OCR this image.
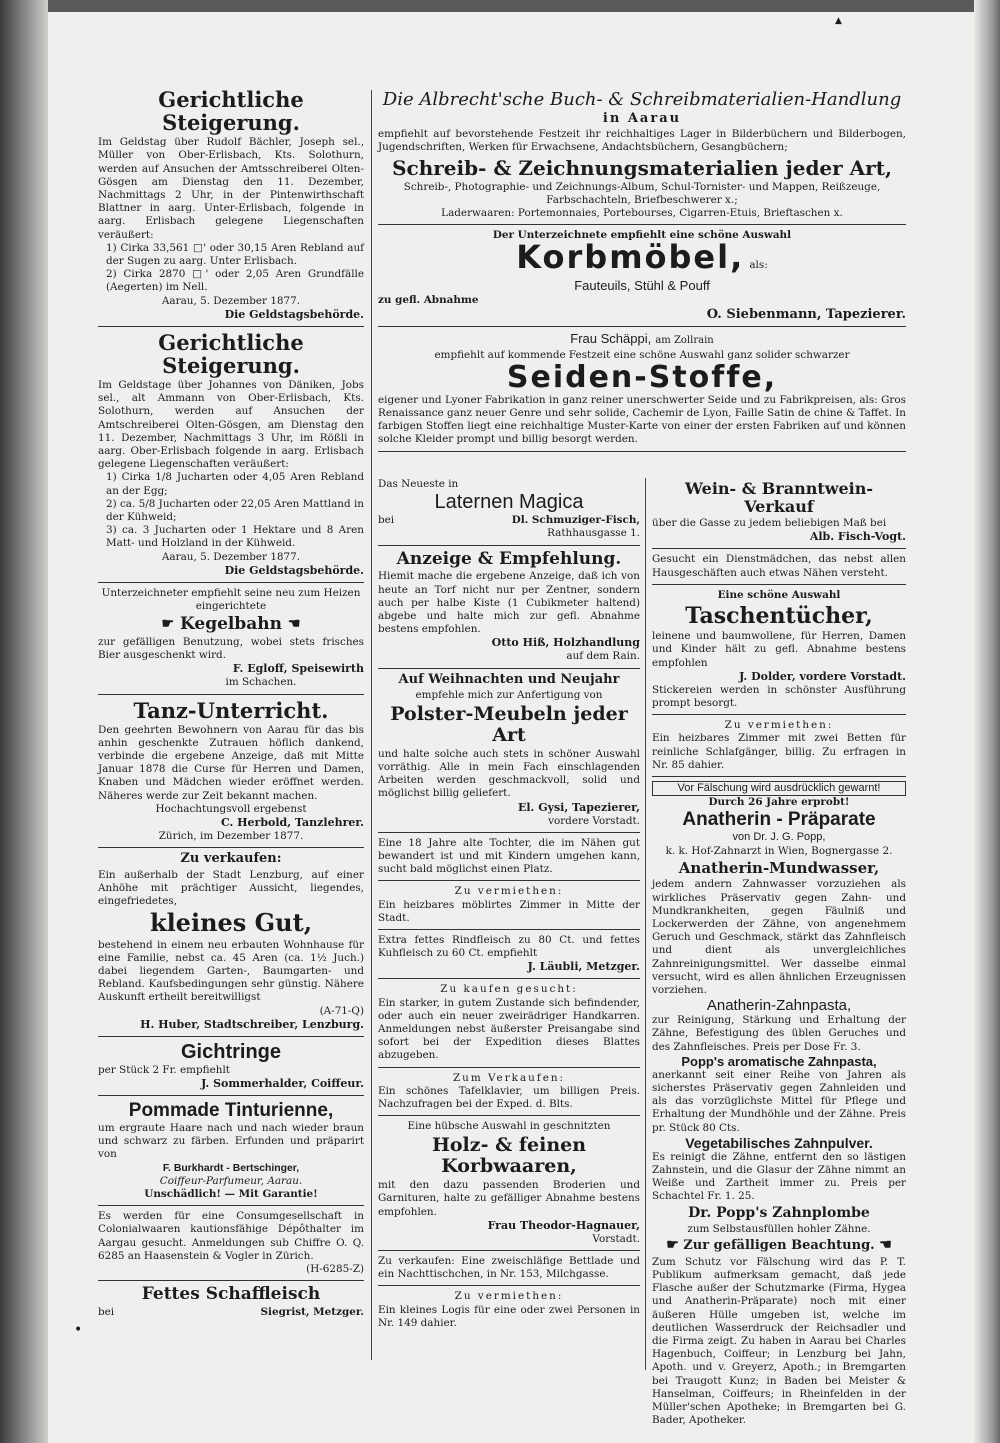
▲
•
Gerichtliche Steigerung.

Im Geldstag über Rudolf Bächler, Joseph sel., Müller von Ober-Erlisbach, Kts. Solothurn, werden auf Ansuchen der Amtsschreiberei Olten-Gösgen am Dienstag den 11. Dezember, Nachmittags 2 Uhr, in der Pintenwirthschaft Blattner in aarg. Unter-Erlisbach, folgende in aarg. Erlisbach gelegene Liegenschaften veräußert:

1) Cirka 33,561 □' oder 30,15 Aren Rebland auf der Sugen zu aarg. Unter Erlisbach.

2) Cirka 2870 □' oder 2,05 Aren Grundfälle (Aegerten) im Nell.

Aarau, 5. Dezember 1877.

Die Geldstagsbehörde.

Gerichtliche Steigerung.

Im Geldstage über Johannes von Däniken, Jobs sel., alt Ammann von Ober-Erlisbach, Kts. Solothurn, werden auf Ansuchen der Amtschreiberei Olten-Gösgen, am Dienstag den 11. Dezember, Nachmittags 3 Uhr, im Rößli in aarg. Ober-Erlisbach folgende in aarg. Erlisbach gelegene Liegenschaften veräußert:

1) Cirka 1/8 Jucharten oder 4,05 Aren Rebland an der Egg;

2) ca. 5/8 Jucharten oder 22,05 Aren Mattland in der Kühweid;

3) ca. 3 Jucharten oder 1 Hektare und 8 Aren Matt- und Holzland in der Kühweid.

Aarau, 5. Dezember 1877.

Die Geldstagsbehörde.

Unterzeichneter empfiehlt seine neu zum Heizen eingerichtete

☛ Kegelbahn ☚

zur gefälligen Benutzung, wobei stets frisches Bier ausgeschenkt wird.

F. Egloff, Speisewirth

im Schachen.

Tanz-Unterricht.

Den geehrten Bewohnern von Aarau für das bis anhin geschenkte Zutrauen höflich dankend, verbinde die ergebene Anzeige, daß mit Mitte Januar 1878 die Curse für Herren und Damen, Knaben und Mädchen wieder eröffnet werden. Näheres werde zur Zeit bekannt machen.

Hochachtungsvoll ergebenst

C. Herbold, Tanzlehrer.

Zürich, im Dezember 1877.

Zu verkaufen:

Ein außerhalb der Stadt Lenzburg, auf einer Anhöhe mit prächtiger Aussicht, liegendes, eingefriedetes,

kleines Gut,

bestehend in einem neu erbauten Wohnhause für eine Familie, nebst ca. 45 Aren (ca. 1½ Juch.) dabei liegendem Garten-, Baumgarten- und Rebland. Kaufsbedingungen sehr günstig. Nähere Auskunft ertheilt bereitwilligst

(A-71-Q)

H. Huber, Stadtschreiber, Lenzburg.

Gichtringe

per Stück 2 Fr. empfiehlt

J. Sommerhalder, Coiffeur.

Pommade Tinturienne,

um ergraute Haare nach und nach wieder braun und schwarz zu färben. Erfunden und präparirt von

F. Burkhardt - Bertschinger,

Coiffeur-Parfumeur, Aarau.

Unschädlich! — Mit Garantie!

Es werden für eine Consumgesellschaft in Colonialwaaren kautionsfähige Dépôthalter im Aargau gesucht. Anmeldungen sub Chiffre O. Q. 6285 an Haasenstein & Vogler in Zürich.

(H-6285-Z)

Fettes Schaffleisch

bei	Siegrist, Metzger.

Die Albrecht'sche Buch- & Schreibmaterialien-Handlung
in Aarau

empfiehlt auf bevorstehende Festzeit ihr reichhaltiges Lager in Bilderbüchern und Bilderbogen, Jugendschriften, Werken für Erwachsene, Andachtsbüchern, Gesangbüchern;

Schreib- & Zeichnungsmaterialien jeder Art,

Schreib-, Photographie- und Zeichnungs-Album, Schul-Tornister- und Mappen, Reißzeuge, Farbschachteln, Briefbeschwerer x.;

Laderwaaren: Portemonnaies, Portebourses, Cigarren-Etuis, Brieftaschen x.

Der Unterzeichnete empfiehlt eine schöne Auswahl

Korbmöbel, als:

Fauteuils, Stühl & Pouff

zu gefl. Abnahme

O. Siebenmann, Tapezierer.

Frau Schäppi, am Zollrain

empfiehlt auf kommende Festzeit eine schöne Auswahl ganz solider schwarzer

Seiden-Stoffe,

eigener und Lyoner Fabrikation in ganz reiner unerschwerter Seide und zu Fabrikpreisen, als: Gros Renaissance ganz neuer Genre und sehr solide, Cachemir de Lyon, Faille Satin de chine & Taffet. In farbigen Stoffen liegt eine reichhaltige Muster-Karte von einer der ersten Fabriken auf und können solche Kleider prompt und billig besorgt werden.

Das Neueste in

Laternen Magica

bei	Dl. Schmuziger-Fisch,

Rathhausgasse 1.

Anzeige & Empfehlung.

Hiemit mache die ergebene Anzeige, daß ich von heute an Torf nicht nur per Zentner, sondern auch per halbe Kiste (1 Cubikmeter haltend) abgebe und halte mich zur gefl. Abnahme bestens empfohlen.

Otto Hiß, Holzhandlung

auf dem Rain.

Auf Weihnachten und Neujahr

empfehle mich zur Anfertigung von

Polster-Meubeln jeder Art

und halte solche auch stets in schöner Auswahl vorräthig. Alle in mein Fach einschlagenden Arbeiten werden geschmackvoll, solid und möglichst billig geliefert.

El. Gysi, Tapezierer,

vordere Vorstadt.

Eine 18 Jahre alte Tochter, die im Nähen gut bewandert ist und mit Kindern umgehen kann, sucht bald möglichst einen Platz.

Zu vermiethen:

Ein heizbares möblirtes Zimmer in Mitte der Stadt.

Extra fettes Rindfleisch zu 80 Ct. und fettes Kuhfleisch zu 60 Ct. empfiehlt

J. Läubli, Metzger.

Zu kaufen gesucht:

Ein starker, in gutem Zustande sich befindender, oder auch ein neuer zweirädriger Handkarren. Anmeldungen nebst äußerster Preisangabe sind sofort bei der Expedition dieses Blattes abzugeben.

Zum Verkaufen:

Ein schönes Tafelklavier, um billigen Preis. Nachzufragen bei der Exped. d. Blts.

Eine hübsche Auswahl in geschnitzten

Holz- & feinen Korbwaaren,

mit den dazu passenden Broderien und Garnituren, halte zu gefälliger Abnahme bestens empfohlen.

Frau Theodor-Hagnauer,

Vorstadt.

Zu verkaufen: Eine zweischläfige Bettlade und ein Nachttischchen, in Nr. 153, Milchgasse.

Zu vermiethen:

Ein kleines Logis für eine oder zwei Personen in Nr. 149 dahier.

Wein- & Branntwein-Verkauf

über die Gasse zu jedem beliebigen Maß bei

Alb. Fisch-Vogt.

Gesucht ein Dienstmädchen, das nebst allen Hausgeschäften auch etwas Nähen versteht.

Eine schöne Auswahl

Taschentücher,

leinene und baumwollene, für Herren, Damen und Kinder hält zu gefl. Abnahme bestens empfohlen

J. Dolder, vordere Vorstadt.

Stickereien werden in schönster Ausführung prompt besorgt.

Zu vermiethen:

Ein heizbares Zimmer mit zwei Betten für reinliche Schlafgänger, billig. Zu erfragen in Nr. 85 dahier.

Vor Fälschung wird ausdrücklich gewarnt!

Durch 26 Jahre erprobt!

Anatherin - Präparate

von Dr. J. G. Popp,

k. k. Hof-Zahnarzt in Wien, Bognergasse 2.

Anatherin-Mundwasser,

jedem andern Zahnwasser vorzuziehen als wirkliches Präservativ gegen Zahn- und Mundkrankheiten, gegen Fäulniß und Lockerwerden der Zähne, von angenehmem Geruch und Geschmack, stärkt das Zahnfleisch und dient als unvergleichliches Zahnreinigungsmittel. Wer dasselbe einmal versucht, wird es allen ähnlichen Erzeugnissen vorziehen.

Anatherin-Zahnpasta,

zur Reinigung, Stärkung und Erhaltung der Zähne, Befestigung des üblen Geruches und des Zahnfleisches. Preis per Dose Fr. 3.

Popp's aromatische Zahnpasta,

anerkannt seit einer Reihe von Jahren als sicherstes Präservativ gegen Zahnleiden und als das vorzüglichste Mittel für Pflege und Erhaltung der Mundhöhle und der Zähne. Preis pr. Stück 80 Cts.

Vegetabilisches Zahnpulver.

Es reinigt die Zähne, entfernt den so lästigen Zahnstein, und die Glasur der Zähne nimmt an Weiße und Zartheit immer zu. Preis per Schachtel Fr. 1. 25.

Dr. Popp's Zahnplombe

zum Selbstausfüllen hohler Zähne.

☛ Zur gefälligen Beachtung. ☚

Zum Schutz vor Fälschung wird das P. T. Publikum aufmerksam gemacht, daß jede Flasche außer der Schutzmarke (Firma, Hygea und Anatherin-Präparate) noch mit einer äußeren Hülle umgeben ist, welche im deutlichen Wasserdruck der Reichsadler und die Firma zeigt. Zu haben in Aarau bei Charles Hagenbuch, Coiffeur; in Lenzburg bei Jahn, Apoth. und v. Greyerz, Apoth.; in Bremgarten bei Traugott Kunz; in Baden bei Meister & Hanselman, Coiffeurs; in Rheinfelden in der Müller'schen Apotheke; in Bremgarten bei G. Bader, Apotheker.
